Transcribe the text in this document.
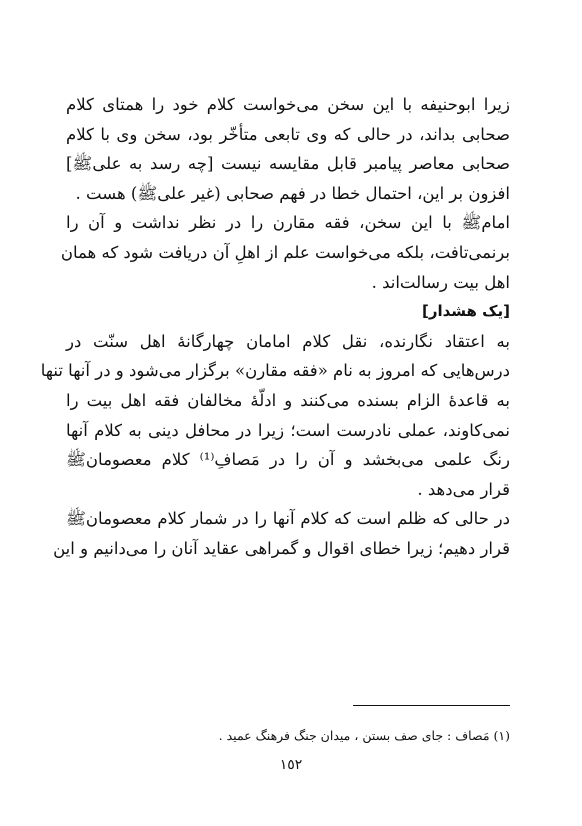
زیرا ابوحنیفه با این سخن می‌خواست کلام خود را همتای کلام
صحابی بداند، در حالی که وی تابعی متأخّر بود، سخن وی با کلام
صحابی معاصر پیامبر قابل مقایسه نیست [چه رسد به علیﷺ]
افزون بر این، احتمال خطا در فهم صحابی (غیر علیﷺ) هست .

امامﷺ با این سخن، فقه مقارن را در نظر نداشت و آن را
برنمی‌تافت، بلکه می‌خواست علم از اهلِ آن دریافت شود که همان
اهل بیت رسالت‌اند .

[یک هشدار]

به اعتقاد نگارنده، نقل کلام امامان چهارگانهٔ اهل سنّت در
درس‌هایی که امروز به نام «فقه مقارن» برگزار می‌شود و در آنها تنها
به قاعدهٔ الزام بسنده می‌کنند و ادلّهٔ مخالفان فقه اهل بیت را
نمی‌کاوند، عملی نادرست است؛ زیرا در محافل دینی به کلام آنها
رنگ علمی می‌بخشد و آن را در مَصافِ⁽¹⁾ کلام معصومانﷺ
قرار می‌دهد .

در حالی که ظلم است که کلام آنها را در شمار کلام معصومانﷺ
قرار دهیم؛ زیرا خطای اقوال و گمراهی عقاید آنان را می‌دانیم و این

(١) مَصاف : جای صف بستن ، میدان جنگ فرهنگ عمید .

١٥٢
